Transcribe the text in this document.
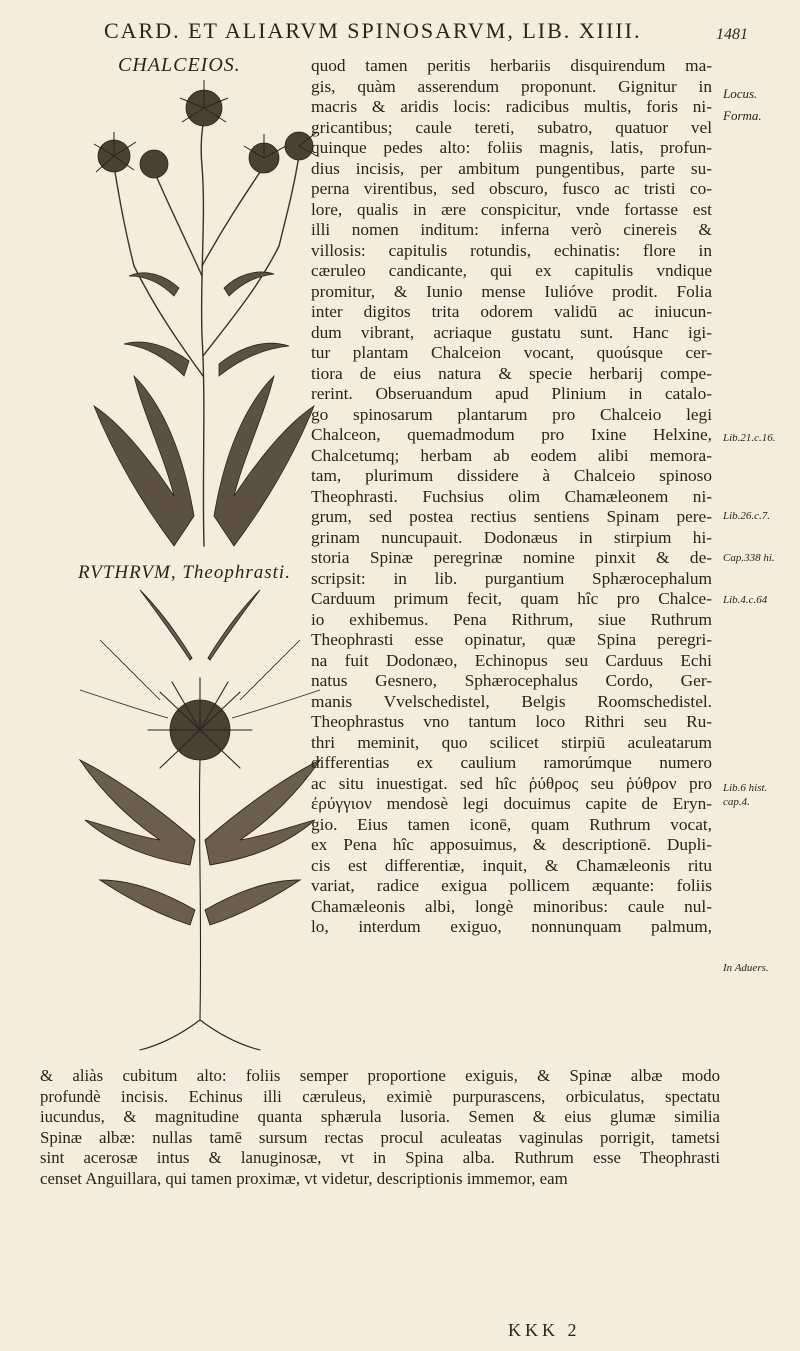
CARD. ET ALIARVM SPINOSARVM, LIB. XIIII.	1481
CHALCEIOS.
RVTHRVM, Theophrasti.
quod tamen peritis herbariis disquirendum ma-
gis, quàm asserendum proponunt. Gignitur in
macris & aridis locis: radicibus multis, foris ni-
gricantibus; caule tereti, subatro, quatuor vel
quinque pedes alto: foliis magnis, latis, profun-
dius incisis, per ambitum pungentibus, parte su-
perna virentibus, sed obscuro, fusco ac tristi co-
lore, qualis in ære conspicitur, vnde fortasse est
illi nomen inditum: inferna verò cinereis &
villosis: capitulis rotundis, echinatis: flore in
cæruleo candicante, qui ex capitulis vndique
promitur, & Iunio mense Iulióve prodit. Folia
inter digitos trita odorem validū ac iniucun-
dum vibrant, acriaque gustatu sunt. Hanc igi-
tur plantam Chalceion vocant, quoúsque cer-
tiora de eius natura & specie herbarij compe-
rerint. Obseruandum apud Plinium in catalo-
go spinosarum plantarum pro Chalceio legi
Chalceon, quemadmodum pro Ixine Helxine,
Chalcetumq; herbam ab eodem alibi memora-
tam, plurimum dissidere à Chalceio spinoso
Theophrasti. Fuchsius olim Chamæleonem ni-
grum, sed postea rectius sentiens Spinam pere-
grinam nuncupauit. Dodonæus in stirpium hi-
storia Spinæ peregrinæ nomine pinxit & de-
scripsit: in lib. purgantium Sphærocephalum
Carduum primum fecit, quam hîc pro Chalce-
io exhibemus. Pena Rithrum, siue Ruthrum
Theophrasti esse opinatur, quæ Spina peregri-
na fuit Dodonæo, Echinopus seu Carduus Echi
natus Gesnero, Sphærocephalus Cordo, Ger-
manis Vvelschedistel, Belgis Roomschedistel.
Theophrastus vno tantum loco Rithri seu Ru-
thri meminit, quo scilicet stirpiū aculeatarum
differentias ex caulium ramorúmque numero
ac situ inuestigat. sed hîc ῥύθρος seu ῥύθρον pro
ἐρύγγιον mendosè legi docuimus capite de Eryn-
gio. Eius tamen iconē, quam Ruthrum vocat,
ex Pena hîc apposuimus, & descriptionē. Dupli-
cis est differentiæ, inquit, & Chamæleonis ritu
variat, radice exigua pollicem æquante: foliis
Chamæleonis albi, longè minoribus: caule nul-
lo, interdum exiguo, nonnunquam palmum,
& aliàs cubitum alto: foliis semper proportione exiguis, & Spinæ albæ modo
profundè incisis. Echinus illi cæruleus, eximiè purpurascens, orbiculatus, spectatu
iucundus, & magnitudine quanta sphærula lusoria. Semen & eius glumæ similia
Spinæ albæ: nullas tamē sursum rectas procul aculeatas vaginulas porrigit, tametsi
sint acerosæ intus & lanuginosæ, vt in Spina alba. Ruthrum esse Theophrasti
censet Anguillara, qui tamen proximæ, vt videtur, descriptionis immemor, eam
Locus.
Forma.
Lib.21.c.16.
Lib.26.c.7.
Cap.338 hi.
Lib.4.c.64
Lib.6 hist.
cap.4.
In Aduers.
KKK 2
